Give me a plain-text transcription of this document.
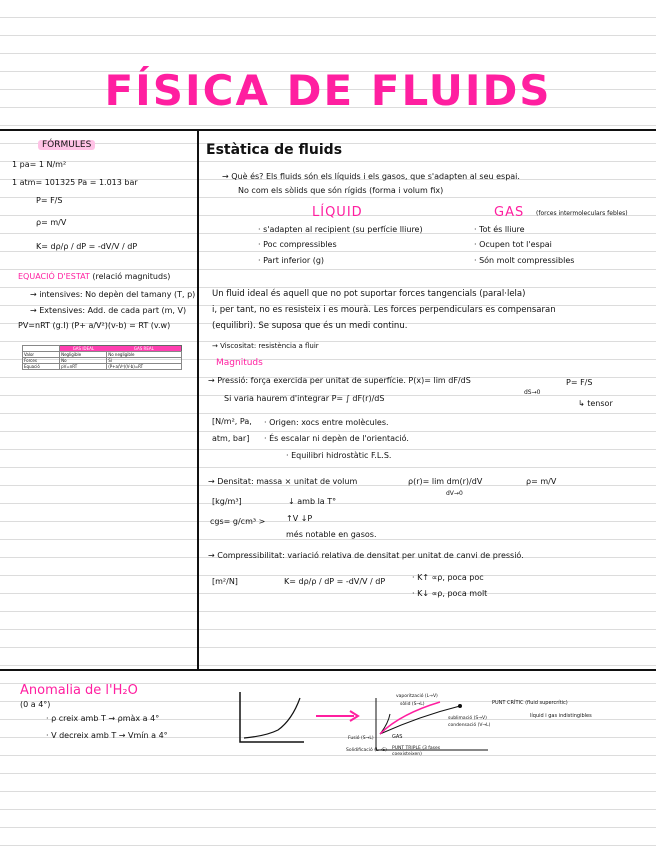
FÍSICA DE FLUIDS
FÓRMULES
1 pa= 1 N/m²
1 atm= 101325 Pa = 1.013 bar
P= F/S
ρ= m/V
K= dρ/ρ / dP = -dV/V / dP
EQUACIÓ D'ESTAT (relació magnituds)
→ intensives: No depèn del tamany (T, p)
→ Extensives: Add. de cada part (m, V)
PV=nRT (g.I) (P+ a/V²)(v-b) = RT (v.w)
	GAS IDEAL	GAS REAL
Valor	Negligible	No negligible
Forces	No	Sí
Equació	pV=nRT	(P+a/V²)(V-b)=RT
Estàtica de fluids
→ Què és? Els fluids són els líquids i els gasos, que s'adapten al seu espai.
No com els sòlids que són rígids (forma i volum fix)
LÍQUID	GAS (forces intermoleculars febles)
· s'adapten al recipient (su perfície lliure)
· Poc compressibles
· Part inferior (g)
· Tot és lliure
· Ocupen tot l'espai
· Són molt compressibles
Un fluid ideal és aquell que no pot suportar forces tangencials (paral·lela)
i, per tant, no es resisteix i es mourà. Les forces perpendiculars es compensaran
(equilibri). Se suposa que és un medi continu.
→ Viscositat: resistència a fluir
Magnituds
→ Pressió: força exercida per unitat de superfície. P(x)= lim dF/dS
dS→0
P= F/S
↳ tensor
Si varia haurem d'integrar P= ∫ dF(r)/dS
[N/m², Pa,
atm, bar]
· Origen: xocs entre molècules.
· És escalar ni depèn de l'orientació.
· Equilibri hidrostàtic F.L.S.
→ Densitat: massa × unitat de volum	ρ(r)= lim dm(r)/dV
dV→0
ρ= m/V
[kg/m³]	↓ amb la T°
cgs= g/cm³ >	↑V ↓P
més notable en gasos.
→ Compressibilitat: variació relativa de densitat per unitat de canvi de pressió.
[m²/N]	K= dρ/ρ / dP = -dV/V / dP	· K↑ ∝ρ, poca poc
· K↓ ∝ρ, poca molt
Anomalia de l'H₂O
(0 a 4°)
· ρ creix amb T → ρmàx a 4°
· V decreix amb T → Vmín a 4°
vaporització (L→V)
sòlid (S→L)	PUNT CRÍTIC (fluid supercrític)
líquid i gas indistingibles
sublimació (S→V)
condensació (V→L)
GAS
Fusió (S→L)
Solidificació (L→S) PUNT TRIPLE (3 fases coexisteixen)
